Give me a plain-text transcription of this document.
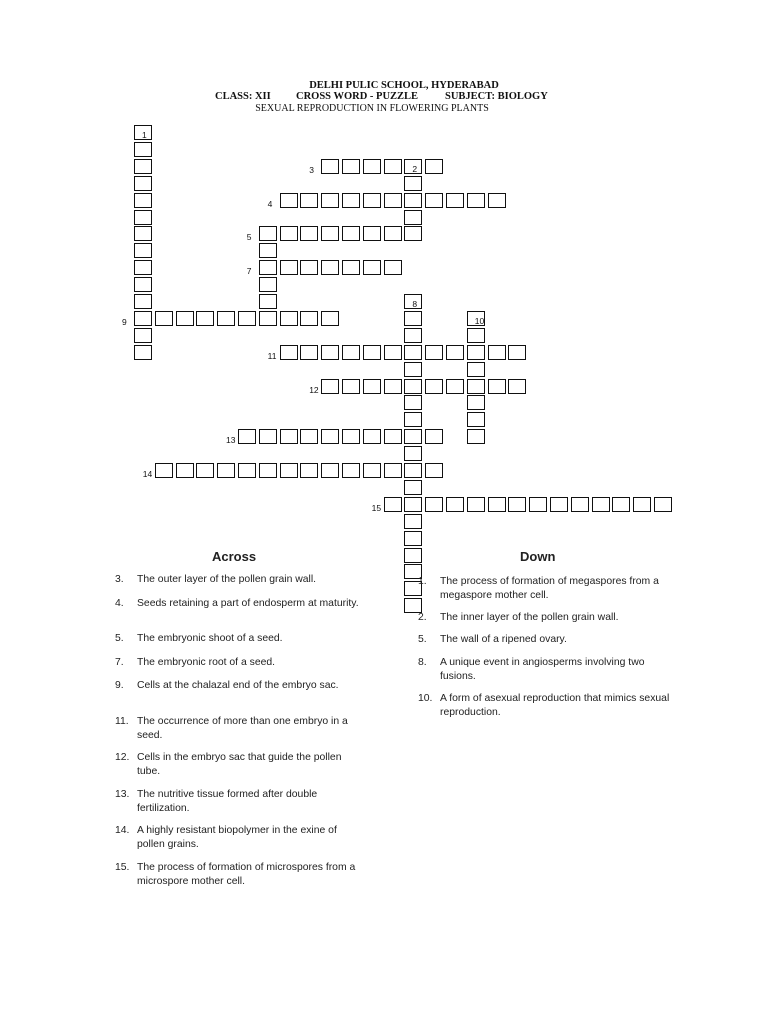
DELHI PULIC SCHOOL, HYDERABAD
CLASS: XII CROSS WORD - PUZZLE	SUBJECT: BIOLOGY
SEXUAL REPRODUCTION IN FLOWERING PLANTS
1
2
3
4
5
7
8
9	10
11
12
13
14
15
Across	Down
3. The outer layer of the pollen grain wall.
4. Seeds retaining a part of endosperm at maturity.
5. The embryonic shoot of a seed.
7. The embryonic root of a seed.
9. Cells at the chalazal end of the embryo sac.
11. The occurrence of more than one embryo in a seed.
12. Cells in the embryo sac that guide the pollen tube.
13. The nutritive tissue formed after double fertilization.
14. A highly resistant biopolymer in the exine of pollen grains.
15. The process of formation of microspores from a microspore mother cell.
1. The process of formation of megaspores from a megaspore mother cell.
2. The inner layer of the pollen grain wall.
5. The wall of a ripened ovary.
8. A unique event in angiosperms involving two fusions.
10. A form of asexual reproduction that mimics sexual reproduction.
